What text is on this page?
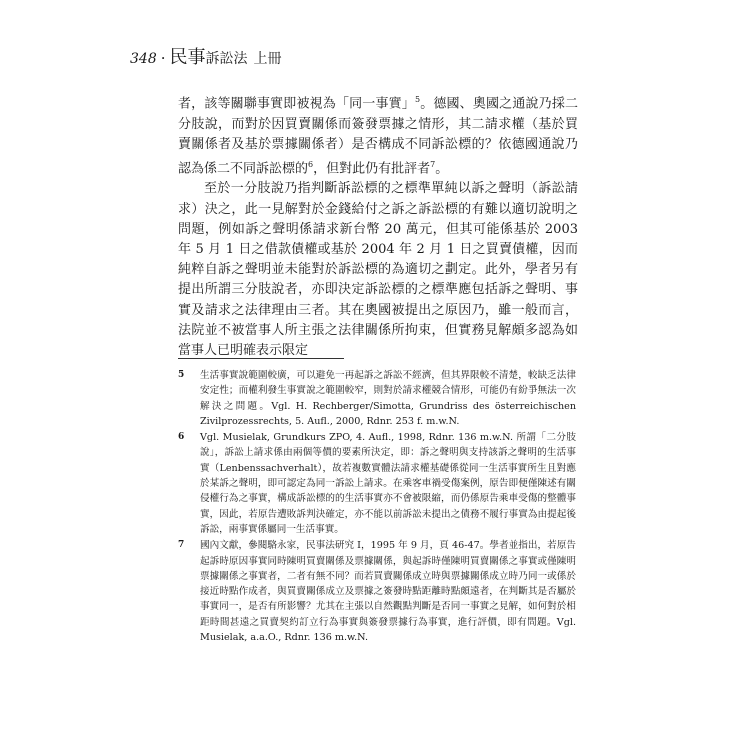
348 · 民事訴訟法 上冊

者，該等關聯事實即被視為「同一事實」$^5$。德國、奧國之通說乃採二分肢說，而對於因買賣關係而簽發票據之情形，其二請求權（基於買賣關係者及基於票據關係者）是否構成不同訴訟標的？依德國通說乃認為係二不同訴訟標的$^6$，但對此仍有批評者$^7$。

至於一分肢說乃指判斷訴訟標的之標準單純以訴之聲明（訴訟請求）決之，此一見解對於金錢給付之訴之訴訟標的有難以適切說明之問題，例如訴之聲明係請求新台幣 20 萬元，但其可能係基於 2003 年 5 月 1 日之借款債權或基於 2004 年 2 月 1 日之買賣債權，因而純粹自訴之聲明並未能對於訴訟標的為適切之劃定。此外，學者另有提出所謂三分肢說者，亦即決定訴訟標的之標準應包括訴之聲明、事實及請求之法律理由三者。其在奧國被提出之原因乃，雖一般而言，法院並不被當事人所主張之法律關係所拘束，但實務見解頗多認為如當事人已明確表示限定

5 生活事實說範圍較廣，可以避免一再起訴之訴訟不經濟，但其界限較不清楚，較缺乏法律安定性；而權利發生事實說之範圍較窄，則對於請求權競合情形，可能仍有紛爭無法一次解決之問題。Vgl. H. Rechberger/Simotta, Grundriss des österreichischen Zivilprozessrechts, 5. Aufl., 2000, Rdnr. 253 f. m.w.N.
6 Vgl. Musielak, Grundkurs ZPO, 4. Aufl., 1998, Rdnr. 136 m.w.N. 所謂「二分肢說」，訴訟上請求係由兩個等價的要素所決定，即：訴之聲明與支持該訴之聲明的生活事實（Lenbenssachverhalt），故若複數實體法請求權基礎係從同一生活事實所生且對應於某訴之聲明，即可認定為同一訴訟上請求。在乘客車禍受傷案例，原告即便僅陳述有關侵權行為之事實，構成訴訟標的的生活事實亦不會被限縮，而仍係原告乘車受傷的整體事實，因此，若原告遭敗訴判決確定，亦不能以前訴訟未提出之債務不履行事實為由提起後訴訟，兩事實係屬同一生活事實。
7 國內文獻，參閱駱永家，民事法研究 I，1995 年 9 月，頁 46-47。學者並指出，若原告起訴時原因事實同時陳明買賣關係及票據關係，與起訴時僅陳明買賣關係之事實或僅陳明票據關係之事實者，二者有無不同？而若買賣關係成立時與票據關係成立時乃同一或係於接近時點作成者，與買賣關係成立及票據之簽發時點距離時點頗遠者，在判斷其是否屬於事實同一，是否有所影響？尤其在主張以自然觀點判斷是否同一事實之見解，如何對於相距時間甚遠之買賣契約訂立行為事實與簽發票據行為事實，進行評價，即有問題。Vgl. Musielak, a.a.O., Rdnr. 136 m.w.N.
